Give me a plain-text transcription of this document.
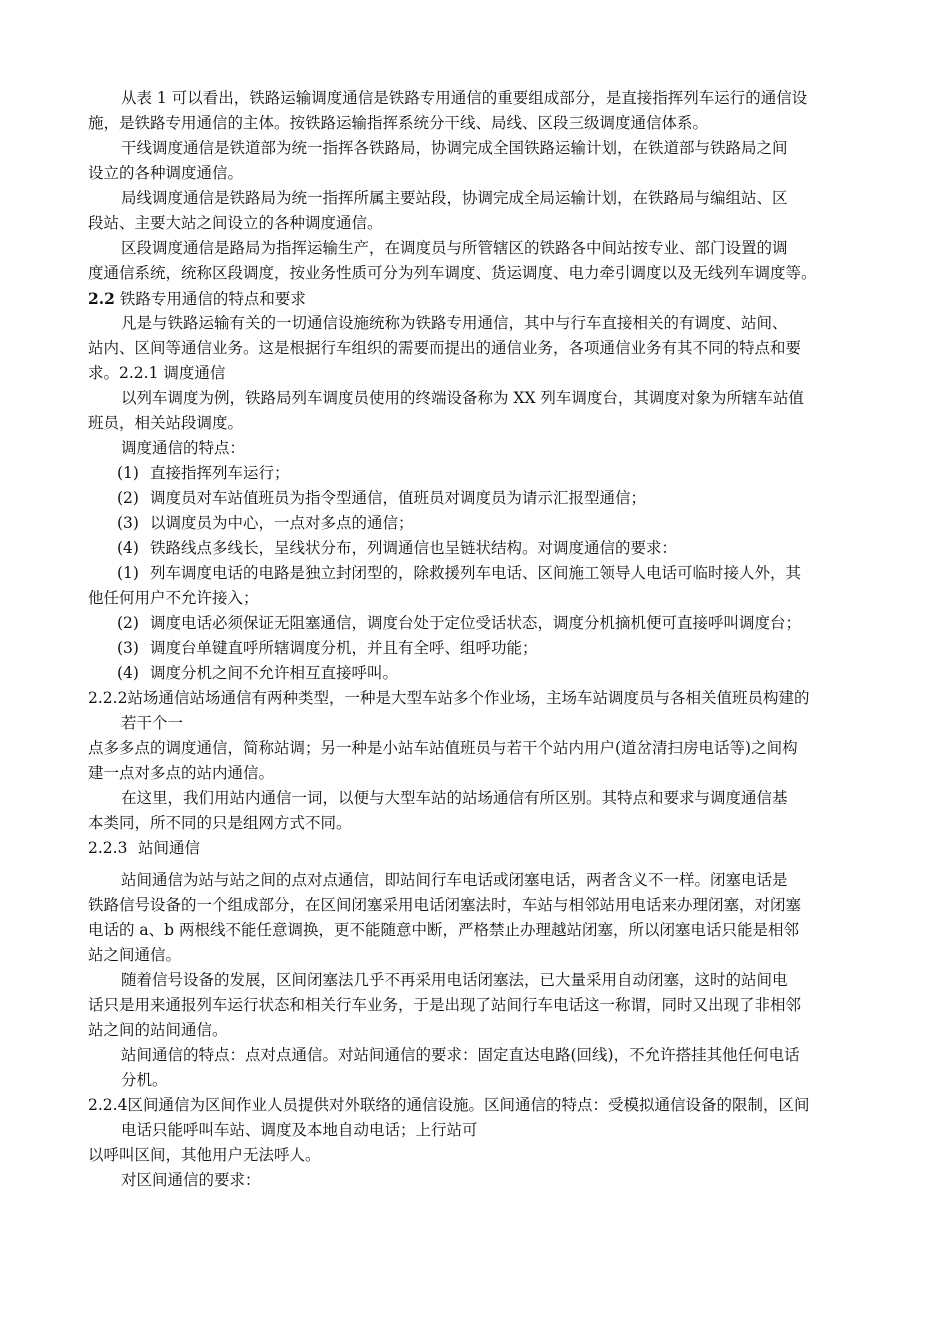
从表 1 可以看出，铁路运输调度通信是铁路专用通信的重要组成部分，是直接指挥列车运行的通信设
施，是铁路专用通信的主体。按铁路运输指挥系统分干线、局线、区段三级调度通信体系。
干线调度通信是铁道部为统一指挥各铁路局，协调完成全国铁路运输计划，在铁道部与铁路局之间
设立的各种调度通信。
局线调度通信是铁路局为统一指挥所属主要站段，协调完成全局运输计划，在铁路局与编组站、区
段站、主要大站之间设立的各种调度通信。
区段调度通信是路局为指挥运输生产，在调度员与所管辖区的铁路各中间站按专业、部门设置的调
度通信系统，统称区段调度，按业务性质可分为列车调度、货运调度、电力牵引调度以及无线列车调度等。
2.2 铁路专用通信的特点和要求
凡是与铁路运输有关的一切通信设施统称为铁路专用通信，其中与行车直接相关的有调度、站间、
站内、区间等通信业务。这是根据行车组织的需要而提出的通信业务，各项通信业务有其不同的特点和要
求。2.2.1 调度通信
以列车调度为例，铁路局列车调度员使用的终端设备称为 XX 列车调度台，其调度对象为所辖车站值
班员，相关站段调度。
调度通信的特点：
(1) 直接指挥列车运行；
(2) 调度员对车站值班员为指令型通信，值班员对调度员为请示汇报型通信；
(3) 以调度员为中心，一点对多点的通信；
(4) 铁路线点多线长，呈线状分布，列调通信也呈链状结构。对调度通信的要求：
(1) 列车调度电话的电路是独立封闭型的，除救援列车电话、区间施工领导人电话可临时接人外，其
他任何用户不允许接入；
(2) 调度电话必须保证无阻塞通信，调度台处于定位受话状态，调度分机摘机便可直接呼叫调度台；
(3) 调度台单键直呼所辖调度分机，并且有全呼、组呼功能；
(4) 调度分机之间不允许相互直接呼叫。
2.2.2站场通信站场通信有两种类型，一种是大型车站多个作业场，主场车站调度员与各相关值班员构建的
若干个一
点多多点的调度通信，简称站调；另一种是小站车站值班员与若干个站内用户(道岔清扫房电话等)之间构
建一点对多点的站内通信。
在这里，我们用站内通信一词，以便与大型车站的站场通信有所区别。其特点和要求与调度通信基
本类同，所不同的只是组网方式不同。
2.2.3 站间通信
站间通信为站与站之间的点对点通信，即站间行车电话或闭塞电话，两者含义不一样。闭塞电话是
铁路信号设备的一个组成部分，在区间闭塞采用电话闭塞法时，车站与相邻站用电话来办理闭塞，对闭塞
电话的 a、b 两根线不能任意调换，更不能随意中断，严格禁止办理越站闭塞，所以闭塞电话只能是相邻
站之间通信。
随着信号设备的发展，区间闭塞法几乎不再采用电话闭塞法，已大量采用自动闭塞，这时的站间电
话只是用来通报列车运行状态和相关行车业务，于是出现了站间行车电话这一称谓，同时又出现了非相邻
站之间的站间通信。
站间通信的特点：点对点通信。对站间通信的要求：固定直达电路(回线)，不允许搭挂其他任何电话
分机。
2.2.4区间通信为区间作业人员提供对外联络的通信设施。区间通信的特点：受模拟通信设备的限制，区间
电话只能呼叫车站、调度及本地自动电话；上行站可
以呼叫区间，其他用户无法呼人。
对区间通信的要求：
